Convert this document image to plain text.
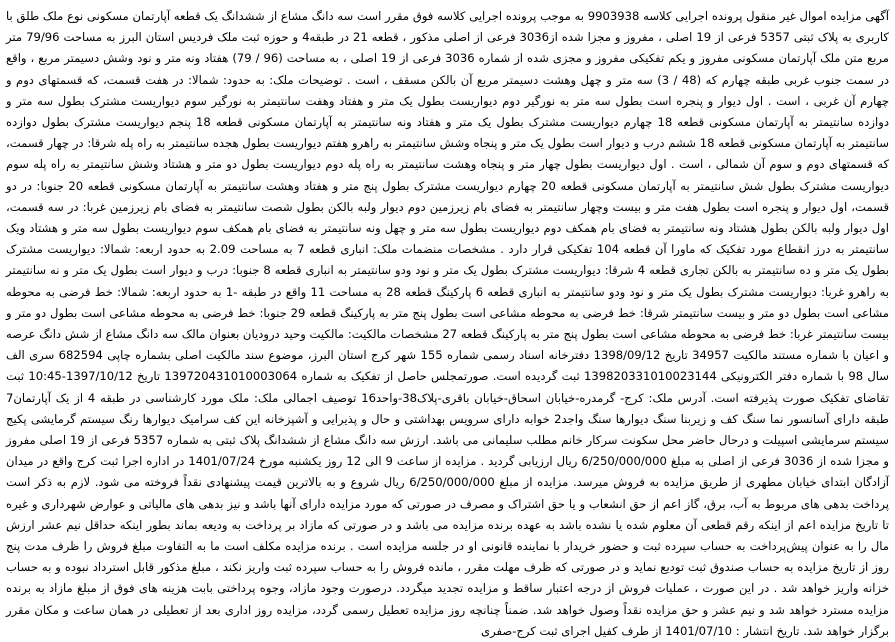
آگهی مزایده اموال غیر منقول پرونده اجرایی کلاسه 9903938 به موجب پرونده اجرایی کلاسه فوق مقرر است سه دانگ مشاع از ششدانگ یک قطعه آپارتمان مسکونی نوع ملک طلق با کاربری به پلاک ثبتی 5357 فرعی از 19 اصلی ، مفروز و مجزا شده از3036 فرعی از اصلی مذکور ، قطعه 21 در طبقه4 و حوزه ثبت ملک فردیس استان البرز به مساحت 79/96 متر مربع متن ملک آپارتمان مسکونی مفروز و یکم تفکیکی مفروز و مجزی شده از شماره 3036 فرعی از 19 اصلی ، به مساحت (96 / 79) هفتاد ونه متر و نود وشش دسیمتر مربع ، واقع در سمت جنوب غربی طبقه چهارم که (48 / 3) سه متر و چهل وهشت دسیمتر مربع آن بالکن مسقف ، است . توضیحات ملک: به حدود: شمالا: در هفت قسمت، که قسمتهای دوم و چهارم آن غربی ، است . اول دیوار و پنجره است بطول سه متر به نورگیر دوم دیواریست بطول یک متر و هفتاد وهفت سانتیمتر به نورگیر سوم دیواریست مشترک بطول سه متر و دوازده سانتیمتر به آپارتمان مسکونی قطعه 18 چهارم دیواریست مشترک بطول یک متر و هفتاد ونه سانتیمتر به آپارتمان مسکونی قطعه 18 پنجم دیواریست مشترک بطول دوازده سانتیمتر به آپارتمان مسکونی قطعه 18 ششم درب و دیوار است بطول یک متر و پنجاه وشش سانتیمتر به راهرو هفتم دیواریست بطول هجده سانتیمتر به راه پله شرقا: در چهار قسمت، که قسمتهای دوم و سوم آن شمالی ، است . اول دیواریست بطول چهار متر و پنجاه وهشت سانتیمتر به راه پله دوم دیواریست بطول دو متر و هشتاد وشش سانتیمتر به راه پله سوم دیواریست مشترک بطول شش سانتیمتر به آپارتمان مسکونی قطعه 20 چهارم دیواریست مشترک بطول پنج متر و هفتاد وهشت سانتیمتر به آپارتمان مسکونی قطعه 20 جنوبا: در دو قسمت، اول دیوار و پنجره است بطول هفت متر و بیست وچهار سانتیمتر به فضای بام زیرزمین دوم دیوار ولبه بالکن بطول شصت سانتیمتر به فضای بام زیرزمین غربا: در سه قسمت، اول دیوار ولبه بالکن بطول هشتاد ونه سانتیمتر به فضای بام همکف دوم دیواریست بطول سه متر و چهل ونه سانتیمتر به فضای بام همکف سوم دیواریست بطول سه متر و هشتاد ویک سانتیمتر به درز انقطاع مورد تفکیک که ماورا آن قطعه 104 تفکیکی قرار دارد . مشخصات منضمات ملک: انباری قطعه 7 به مساحت 2.09 به حدود اربعه: شمالا: دیواریست مشترک بطول یک متر و ده سانتیمتر به بالکن تجاری قطعه 4 شرقا: دیواریست مشترک بطول یک متر و نود ودو سانتیمتر به انباری قطعه 8 جنوبا: درب و دیوار است بطول یک متر و نه سانتیمتر به راهرو غربا: دیواریست مشترک بطول یک متر و نود ودو سانتیمتر به انباری قطعه 6 پارکینگ قطعه 28 به مساحت 11 واقع در طبقه -1 به حدود اربعه: شمالا: خط فرضی به محوطه مشاعی است بطول دو متر و بیست سانتیمتر شرقا: خط فرضی به محوطه مشاعی است بطول پنج متر به پارکینگ قطعه 29 جنوبا: خط فرضی به محوطه مشاعی است بطول دو متر و بیست سانتیمتر غربا: خط فرضی به محوطه مشاعی است بطول پنج متر به پارکینگ قطعه 27 مشخصات مالکیت: مالکیت وحید درودیان بعنوان مالک سه دانگ مشاع از شش دانگ عرصه و اعیان با شماره مستند مالکیت 34957 تاریخ 1398/09/12 دفترخانه اسناد رسمی شماره 155 شهر کرج استان البرز، موضوع سند مالکیت اصلی بشماره چاپی 682594 سری الف سال 98 با شماره دفتر الکترونیکی 139820331010023144 ثبت گردیده است. صورتمجلس حاصل از تفکیک به شماره 139720431010003064 تاریخ 1397/10/12-10:45 ثبت تقاضای تفکیک صورت پذیرفته است. آدرس ملک: کرج- گرمدره-خیابان اسحاق-خیابان باقری-پلاک38-واحد16 توصیف اجمالی ملک: ملک مورد کارشناسی در طبقه 4 از یک آپارتمان7 طبقه دارای آسانسور نما سنگ کف و زیربنا سنگ دیوارها سنگ واجد2 خوابه دارای سرویس بهداشتی و حال و پذیرایی و آشپزخانه این کف سرامیک دیوارها رنگ سیستم گرمایشی پکیج سیستم سرمایشی اسپیلت و درحال حاضر محل سکونت سرکار خانم مطلب سلیمانی می باشد. ارزش سه دانگ مشاع از ششدانگ پلاک ثبتی به شماره 5357 فرعی از 19 اصلی مفروز و مجزا شده از 3036 فرعی از اصلی به مبلغ 6/250/000/000 ریال ارزیابی گردید . مزایده از ساعت 9 الی 12 روز یکشنبه مورخ 1401/07/24 در اداره اجرا ثبت کرج واقع در میدان آزادگان ابتدای خیابان مطهری از طریق مزایده به فروش میرسد. مزایده از مبلغ 6/250/000/000 ریال شروع و به بالاترین قیمت پیشنهادی نقداً فروخته می شود. لازم به ذکر است پرداخت بدهی های مربوط به آب، برق، گاز اعم از حق انشعاب و یا حق اشتراک و مصرف در صورتی که مورد مزایده دارای آنها باشد و نیز بدهی های مالیاتی و عوارض شهرداری و غیره تا تاریخ مزایده اعم از اینکه رقم قطعی آن معلوم شده یا نشده باشد به عهده برنده مزایده می باشد و در صورتی که مازاد بر پرداخت به ودیعه بماند بطور اینکه حداقل نیم عشر ارزش مال را به عنوان پیش‌پرداخت به حساب سپرده ثبت و حضور خریدار با نماینده قانونی او در جلسه مزایده است . برنده مزایده مکلف است ما به التفاوت مبلغ فروش را ظرف مدت پنج روز از تاریخ مزایده به حساب صندوق ثبت تودیع نماید و در صورتی که ظرف مهلت مقرر ، مانده فروش را به حساب سپرده ثبت واریز نکند ، مبلغ مذکور قابل استرداد نبوده و به حساب خزانه واریز خواهد شد . در این صورت ، عملیات فروش از درجه اعتبار ساقط و مزایده تجدید میگردد. درصورت وجود مازاد، وجوه پرداختی بابت هزینه های فوق از مبلغ مازاد به برنده مزایده مسترد خواهد شد و نیم عشر و حق مزایده نقداً وصول خواهد شد. ضمناً چنانچه روز مزایده تعطیل رسمی گردد، مزایده روز اداری بعد از تعطیلی در همان ساعت و مکان مقرر برگزار خواهد شد. تاریخ انتشار : 1401/07/10 از طرف کفیل اجرای ثبت کرج-صفری
